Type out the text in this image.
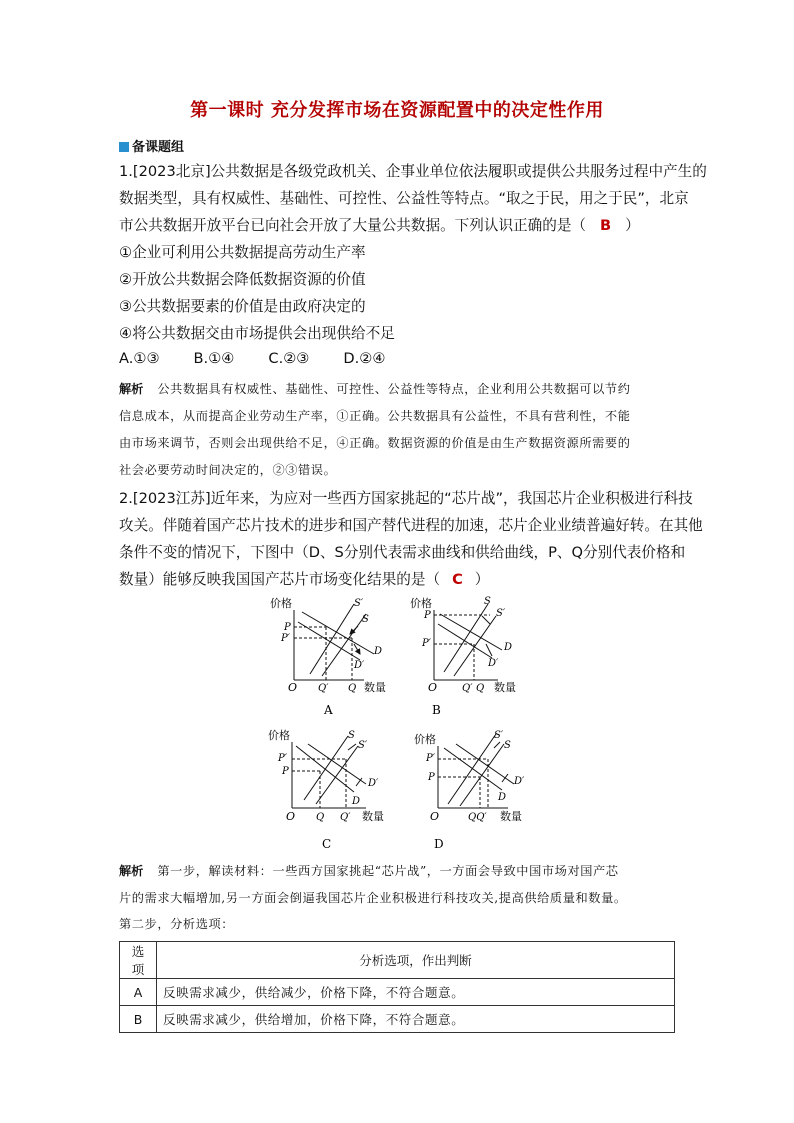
第一课时 充分发挥市场在资源配置中的决定性作用
备课题组
1.[2023北京]公共数据是各级党政机关、企事业单位依法履职或提供公共服务过程中产生的
数据类型，具有权威性、基础性、可控性、公益性等特点。“取之于民，用之于民”，北京
市公共数据开放平台已向社会开放了大量公共数据。下列认识正确的是（ B ）
①企业可利用公共数据提高劳动生产率
②开放公共数据会降低数据资源的价值
③公共数据要素的价值是由政府决定的
④将公共数据交由市场提供会出现供给不足
A.①③ B.①④ C.②③ D.②④
解析 公共数据具有权威性、基础性、可控性、公益性等特点，企业利用公共数据可以节约
信息成本，从而提高企业劳动生产率，①正确。公共数据具有公益性，不具有营利性，不能
由市场来调节，否则会出现供给不足，④正确。数据资源的价值是由生产数据资源所需要的
社会必要劳动时间决定的，②③错误。
2.[2023江苏]近年来，为应对一些西方国家挑起的“芯片战”，我国芯片企业积极进行科技
攻关。伴随着国产芯片技术的进步和国产替代进程的加速，芯片企业业绩普遍好转。在其他
条件不变的情况下，下图中（D、S分别代表需求曲线和供给曲线，P、Q分别代表价格和
数量）能够反映我国国产芯片市场变化结果的是（ C ）
价格
O	数量
P
P′
S′
S
D
D′
Q′ Q
A
价格
O	数量
P
P′
S
S′
D
D′
Q′ Q
B
价格
O	数量
P′
P
S
S′
D′
D
Q Q′
C
价格
O	数量
P′
P
S′
S
D′
D
QQ′
D
解析 第一步，解读材料：一些西方国家挑起“芯片战”，一方面会导致中国市场对国产芯
片的需求大幅增加,另一方面会倒逼我国芯片企业积极进行科技攻关,提高供给质量和数量。
第二步，分析选项：
选项	分析选项，作出判断
A	反映需求减少，供给减少，价格下降，不符合题意。
B	反映需求减少，供给增加，价格下降，不符合题意。
